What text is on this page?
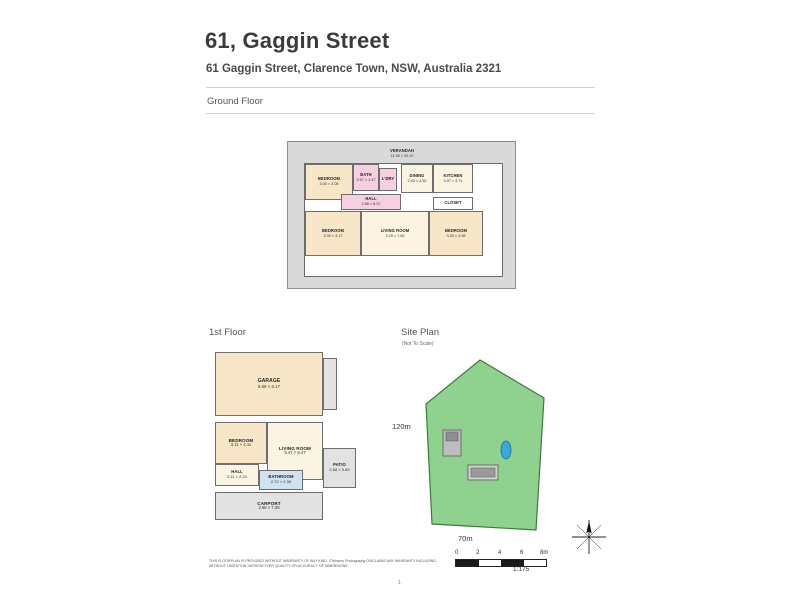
61, Gaggin Street
61 Gaggin Street, Clarence Town, NSW, Australia 2321
Ground Floor
VERANDAH
11.95 × 20.10
BEDROOM
3.00 × 3.06
BATH
2.57 × 1.47 L'DRY
DINING
2.43 × 4.52
KITCHEN
3.97 × 3.71
HALL
2.88 × 6.97	CLOSET
BEDROOM
3.30 × 3.17
LIVING ROOM
3.29 × 7.80
BEDROOM
3.29 × 3.98
1st Floor
GARAGE
8.69 × 6.17
BEDROOM
3.11 × 4.11
LIVING ROOM
5.47 × 6.47
PATIO
2.68 × 5.89
HALL
3.11 × 2.24	BATHROOM
2.72 × 2.08
CARPORT
2.68 × 7.35
Site Plan
(Not To Scale)
120m
70m
0	2	4	6	8m
1:175
THIS FLOORPLAN IS PROVIDED WITHOUT WARRANTY OF ANY KIND. ITMurphy Photography DISCLAIMS ANY WARRANTY INCLUDING WITHOUT LIMITATION SATISFACTORY QUALITY OR ACCURACY OF DIMENSIONS.
1
